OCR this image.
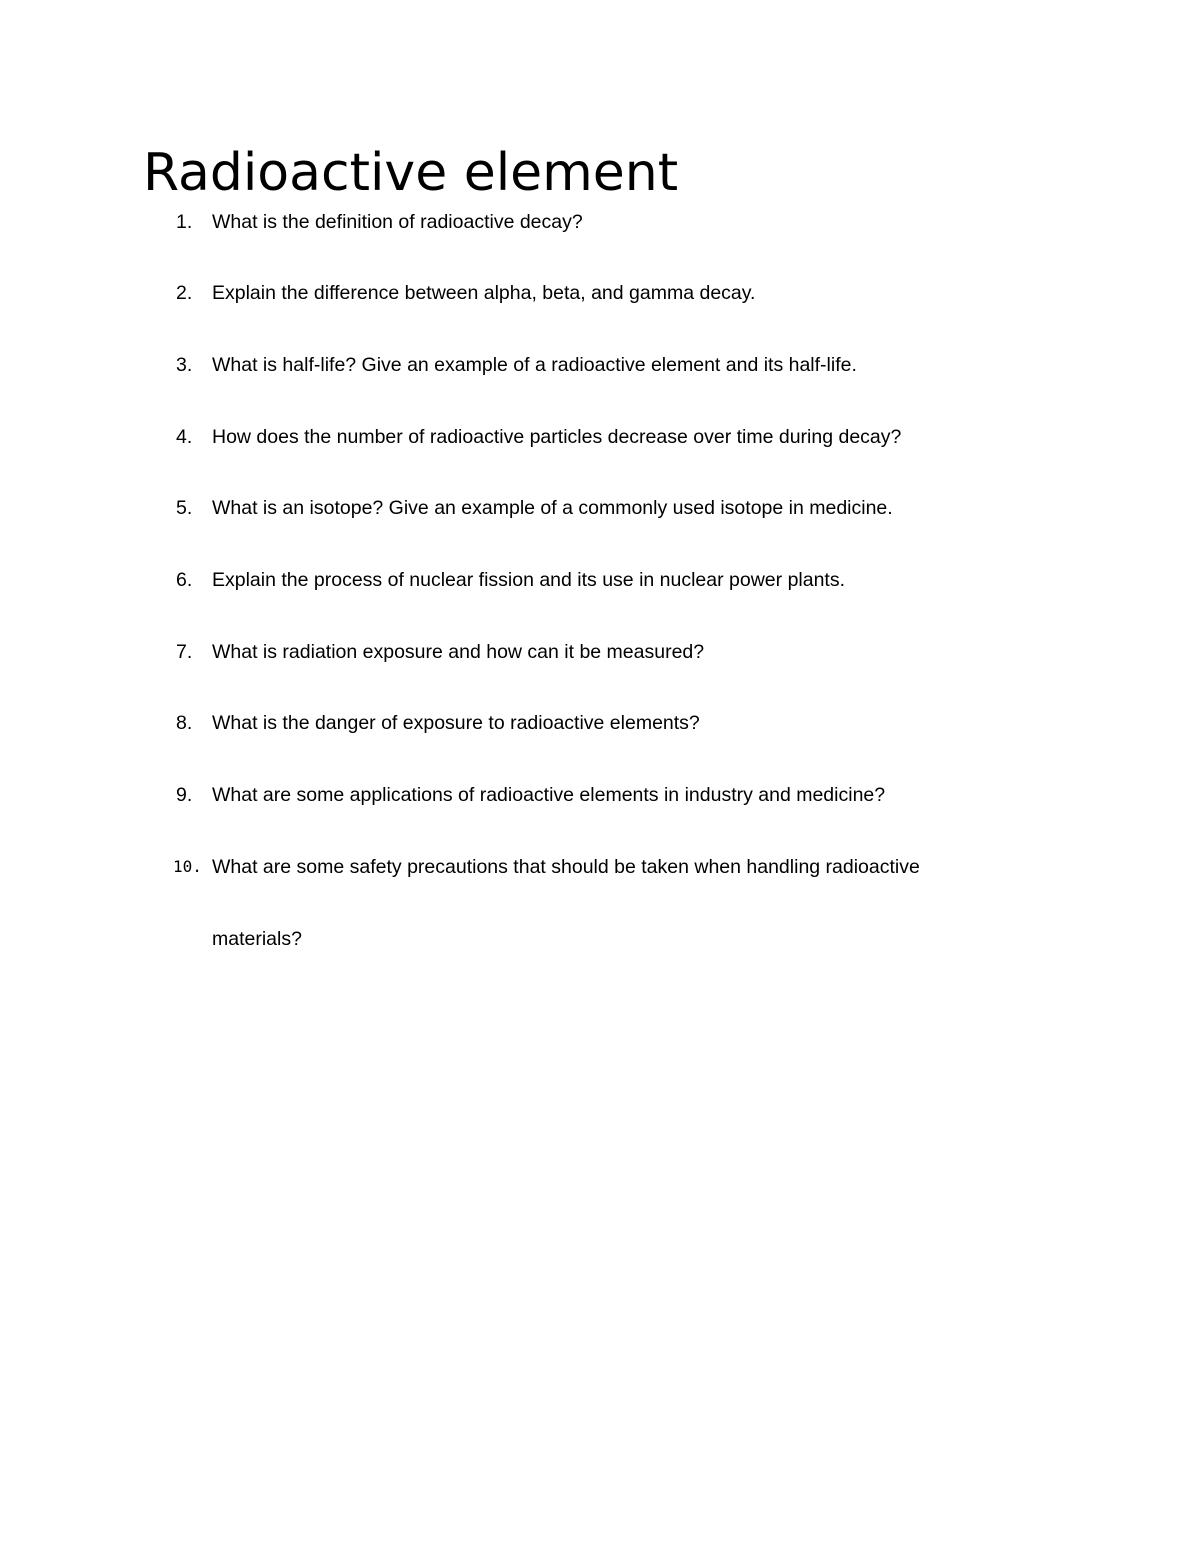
Radioactive element
1. What is the definition of radioactive decay?
2. Explain the difference between alpha, beta, and gamma decay.
3. What is half-life? Give an example of a radioactive element and its half-life.
4. How does the number of radioactive particles decrease over time during decay?
5. What is an isotope? Give an example of a commonly used isotope in medicine.
6. Explain the process of nuclear fission and its use in nuclear power plants.
7. What is radiation exposure and how can it be measured?
8. What is the danger of exposure to radioactive elements?
9. What are some applications of radioactive elements in industry and medicine?
10. What are some safety precautions that should be taken when handling radioactive
materials?
